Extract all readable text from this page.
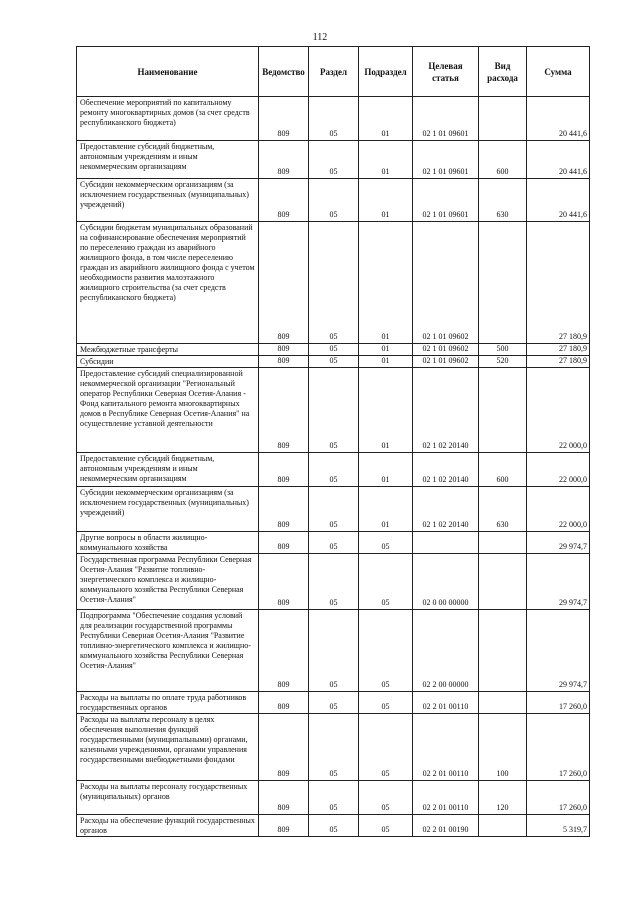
112
Наименование	Ведомство	Раздел	Подраздел	Целевая статья	Вид расхода	Сумма
Обеспечение мероприятий по капитальному ремонту многоквартирных домов (за счет средств республиканского бюджета)	809	05	01	02 1 01 09601		20 441,6
Предоставление субсидий бюджетным, автономным учреждениям и иным некоммерческим организациям	809	05	01	02 1 01 09601	600	20 441,6
Субсидии некоммерческим организациям (за исключением государственных (муниципальных) учреждений)	809	05	01	02 1 01 09601	630	20 441,6
Субсидии бюджетам муниципальных образований на софинансирование обеспечения мероприятий по переселению граждан из аварийного жилищного фонда, в том числе переселению граждан из аварийного жилищного фонда с учетом необходимости развития малоэтажного жилищного строительства (за счет средств республиканского бюджета)	809	05	01	02 1 01 09602		27 180,9
Межбюджетные трансферты	809	05	01	02 1 01 09602	500	27 180,9
Субсидии	809	05	01	02 1 01 09602	520	27 180,9
Предоставление субсидий специализированной некоммерческой организации "Региональный оператор Республики Северная Осетия-Алания - Фонд капитального ремонта многоквартирных домов в Республике Северная Осетия-Алания" на осуществление уставной деятельности	809	05	01	02 1 02 20140		22 000,0
Предоставление субсидий бюджетным, автономным учреждениям и иным некоммерческим организациям	809	05	01	02 1 02 20140	600	22 000,0
Субсидии некоммерческим организациям (за исключением государственных (муниципальных) учреждений)	809	05	01	02 1 02 20140	630	22 000,0
Другие вопросы в области жилищно-коммунального хозяйства	809	05	05			29 974,7
Государственная программа Республики Северная Осетия-Алания "Развитие топливно-энергетического комплекса и жилищно-коммунального хозяйства Республики Северная Осетия-Алания"	809	05	05	02 0 00 00000		29 974,7
Подпрограмма "Обеспечение создания условий для реализации государственной программы Республики Северная Осетия-Алания "Развитие топливно-энергетического комплекса и жилищно-коммунального хозяйства Республики Северная Осетия-Алания"	809	05	05	02 2 00 00000		29 974,7
Расходы на выплаты по оплате труда работников государственных органов	809	05	05	02 2 01 00110		17 260,0
Расходы на выплаты персоналу в целях обеспечения выполнения функций государственными (муниципальными) органами, казенными учреждениями, органами управления государственными внебюджетными фондами	809	05	05	02 2 01 00110	100	17 260,0
Расходы на выплаты персоналу государственных (муниципальных) органов	809	05	05	02 2 01 00110	120	17 260,0
Расходы на обеспечение функций государственных органов	809	05	05	02 2 01 00190		5 319,7
